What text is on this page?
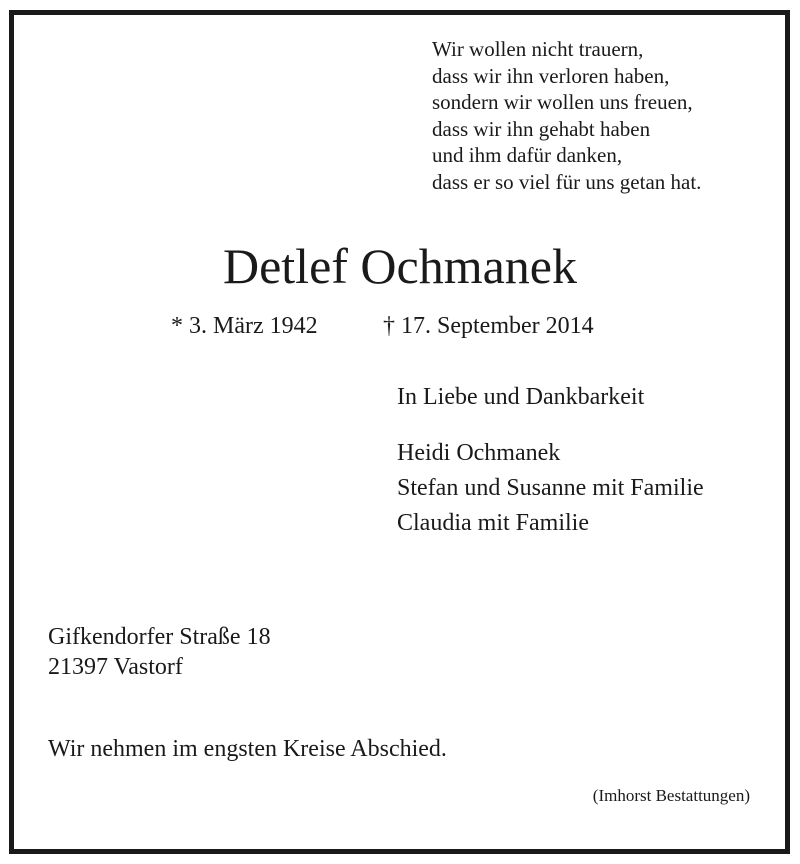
Wir wollen nicht trauern,
dass wir ihn verloren haben,
sondern wir wollen uns freuen,
dass wir ihn gehabt haben
und ihm dafür danken,
dass er so viel für uns getan hat.
Detlef Ochmanek
* 3. März 1942	† 17. September 2014
In Liebe und Dankbarkeit
Heidi Ochmanek
Stefan und Susanne mit Familie
Claudia mit Familie
Gifkendorfer Straße 18
21397 Vastorf
Wir nehmen im engsten Kreise Abschied.
(Imhorst Bestattungen)
